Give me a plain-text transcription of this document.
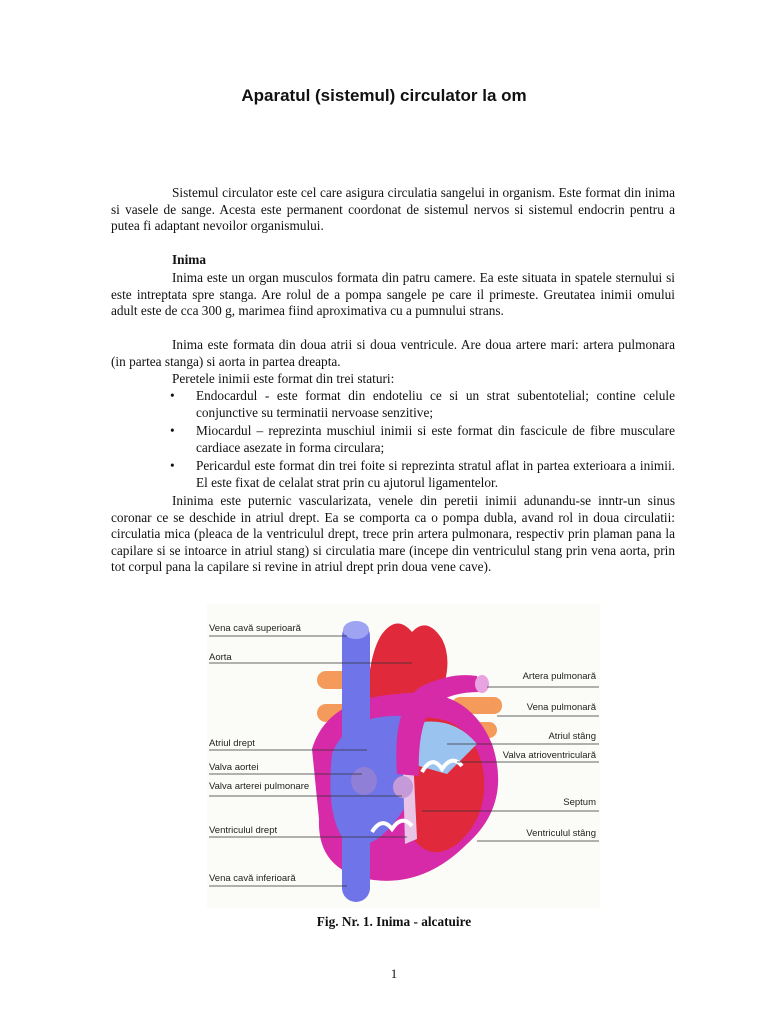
Aparatul (sistemul) circulator la om

Sistemul circulator este cel care asigura circulatia sangelui in organism. Este format din inima si vasele de sange. Acesta este permanent coordonat de sistemul nervos si sistemul endocrin pentru a putea fi adaptant nevoilor organismului.

Inima

Inima este un organ musculos formata din patru camere. Ea este situata in spatele sternului si este intreptata spre stanga. Are rolul de a pompa sangele pe care il primeste. Greutatea inimii omului adult este de cca 300 g, marimea fiind aproximativa cu a pumnului strans.

Inima este formata din doua atrii si doua ventricule. Are doua artere mari: artera pulmonara (in partea stanga) si aorta in partea dreapta.

Peretele inimii este format din trei staturi:

• Endocardul - este format din endoteliu ce si un strat subentotelial; contine celule conjunctive su terminatii nervoase senzitive;
• Miocardul – reprezinta muschiul inimii si este format din fascicule de fibre musculare cardiace asezate in forma circulara;
• Pericardul este format din trei foite si reprezinta stratul aflat in partea exterioara a inimii. El este fixat de celalat strat prin cu ajutorul ligamentelor.

Ininima este puternic vascularizata, venele din peretii inimii adunandu-se inntr-un sinus coronar ce se deschide in atriul drept. Ea se comporta ca o pompa dubla, avand rol in doua circulatii: circulatia mica (pleaca de la ventriculul drept, trece prin artera pulmonara, respectiv prin plaman pana la capilare si se intoarce in atriul stang) si circulatia mare (incepe din ventriculul stang prin vena aorta, prin tot corpul pana la capilare si revine in atriul drept prin doua vene cave).

Vena cavă superioară
Aorta
Atriul drept
Valva aortei
Valva arterei pulmonare
Ventriculul drept
Vena cavă inferioară
Artera pulmonară
Vena pulmonară
Atriul stâng
Valva atrioventriculară
Septum
Ventriculul stâng
Fig. Nr. 1. Inima - alcatuire
1
